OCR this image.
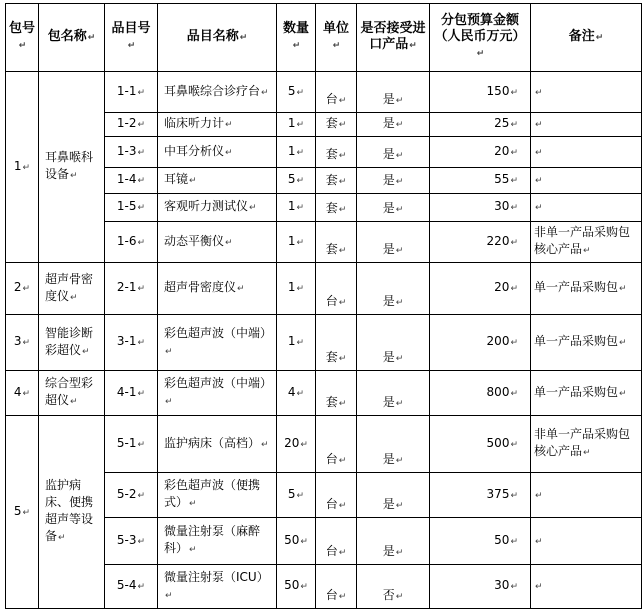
包号↵	包名称↵	品目号↵	品目名称↵	数量↵	单位↵	是否接受进口产品↵	分包预算金额（人民币万元）↵	备注↵
1↵	耳鼻喉科设备↵	1-1↵	耳鼻喉综合诊疗台↵	5↵	台↵	是↵	150↵	↵
		1-2↵	临床听力计↵	1↵	套↵	是↵	25↵	↵
		1-3↵	中耳分析仪↵	1↵	套↵	是↵	20↵	↵
		1-4↵	耳镜↵	5↵	套↵	是↵	55↵	↵
		1-5↵	客观听力测试仪↵	1↵	套↵	是↵	30↵	↵
		1-6↵	动态平衡仪↵	1↵	套↵	是↵	220↵	非单一产品采购包核心产品↵
2↵	超声骨密度仪↵	2-1↵	超声骨密度仪↵	1↵	台↵	是↵	20↵	单一产品采购包↵
3↵	智能诊断彩超仪↵	3-1↵	彩色超声波（中端）↵	1↵	套↵	是↵	200↵	单一产品采购包↵
4↵	综合型彩超仪↵	4-1↵	彩色超声波（中端）↵	4↵	套↵	是↵	800↵	单一产品采购包↵
5↵	监护病床、便携超声等设备↵	5-1↵	监护病床（高档）↵	20↵	台↵	是↵	500↵	非单一产品采购包核心产品↵
		5-2↵	彩色超声波（便携式）↵	5↵	台↵	是↵	375↵	↵
		5-3↵	微量注射泵（麻醉科）↵	50↵	台↵	是↵	50↵	↵
		5-4↵	微量注射泵（ICU）↵	50↵	台↵	否↵	30↵	↵
